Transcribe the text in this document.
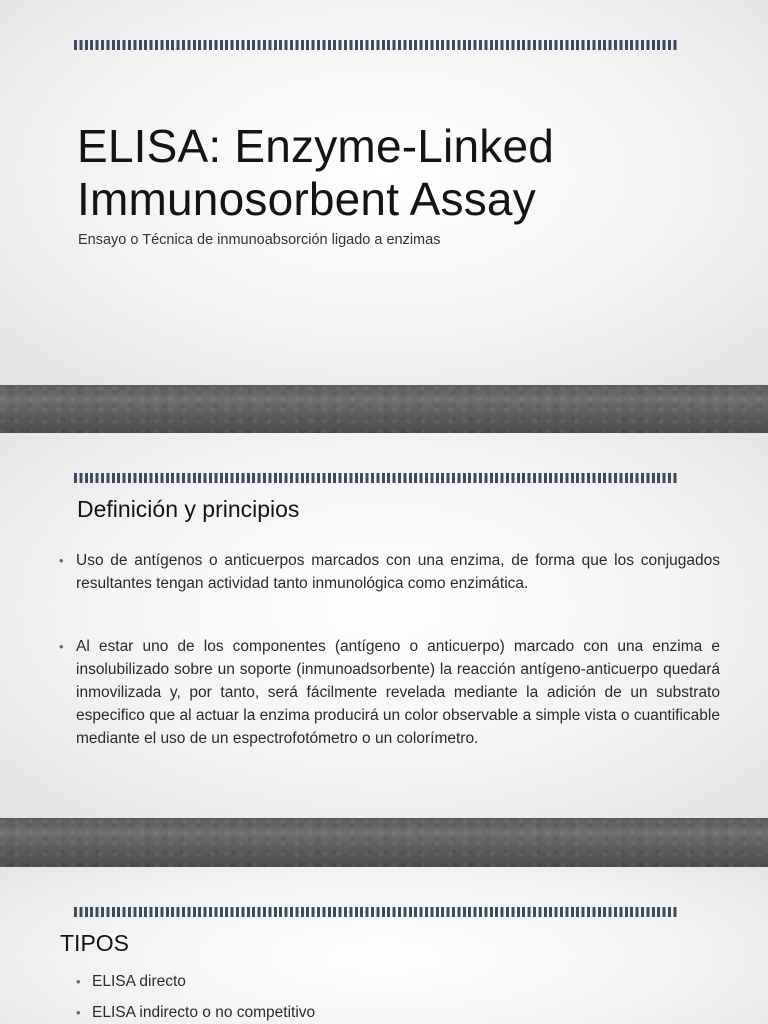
ELISA: Enzyme-Linked Immunosorbent Assay

Ensayo o Técnica de inmunoabsorción ligado a enzimas

Definición y principios
• Uso de antígenos o anticuerpos marcados con una enzima, de forma que los conjugados resultantes tengan actividad tanto inmunológica como enzimática.
• Al estar uno de los componentes (antígeno o anticuerpo) marcado con una enzima e insolubilizado sobre un soporte (inmunoadsorbente) la reacción antígeno-anticuerpo quedará inmovilizada y, por tanto, será fácilmente revelada mediante la adición de un substrato especifico que al actuar la enzima producirá un color observable a simple vista o cuantificable mediante el uso de un espectrofotómetro o un colorímetro.
TIPOS
• ELISA directo
• ELISA indirecto o no competitivo
